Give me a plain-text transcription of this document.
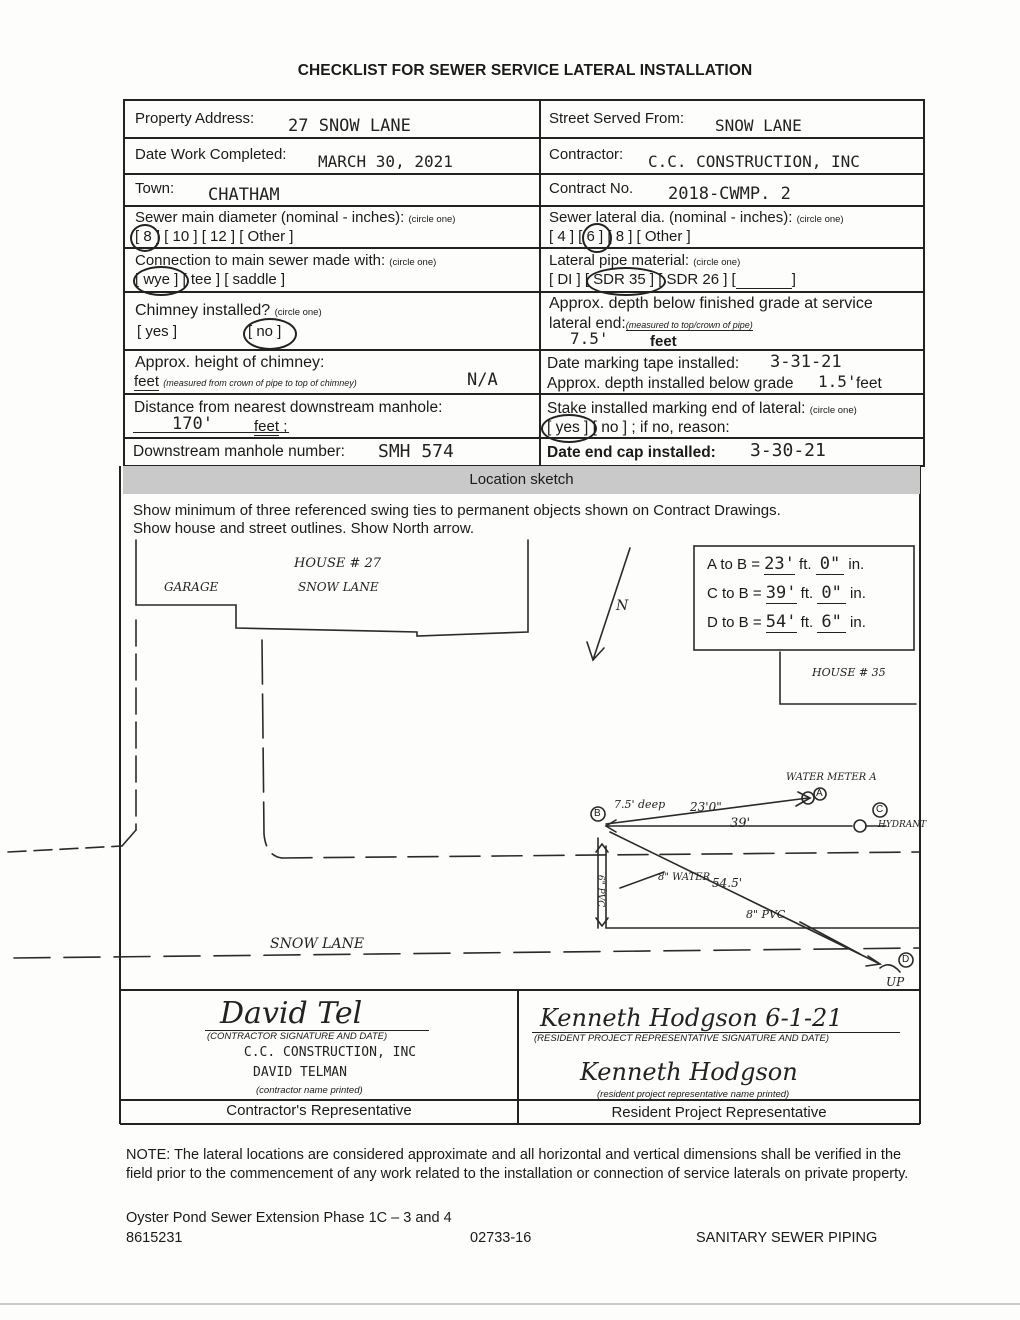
CHECKLIST FOR SEWER SERVICE LATERAL INSTALLATION
Property Address: 27 SNOW LANE	Street Served From: SNOW LANE
Date Work Completed: MARCH 30, 2021	Contractor: C.C. CONSTRUCTION, INC
Town: CHATHAM	Contract No. 2018-CWMP. 2
Sewer main diameter (nominal - inches): (circle one)
[ 8 ] [ 10 ] [ 12 ] [ Other ]
Sewer lateral dia. (nominal - inches): (circle one)
[ 4 ] [ 6 ] [ 8 ] [ Other ]
Connection to main sewer made with: (circle one)
[ wye ] [ tee ] [ saddle ]
Lateral pipe material: (circle one)
[ DI ] [ SDR 35 ] [ SDR 26 ] [	]
Chimney installed? (circle one)
[ yes ]	[ no ]
Approx. depth below finished grade at service
lateral end:(measured to top/crown of pipe)
7.5'	feet
Approx. height of chimney:
feet (measured from crown of pipe to top of chimney)	N/A
Date marking tape installed: 3-31-21
Approx. depth installed below grade 1.5' feet
Distance from nearest downstream manhole:
170'	feet ;
Stake installed marking end of lateral: (circle one)
[ yes ] [ no ] ; if no, reason:
Downstream manhole number: SMH 574	Date end cap installed: 3-30-21
Location sketch
Show minimum of three referenced swing ties to permanent objects shown on Contract Drawings.
Show house and street outlines. Show North arrow.
HOUSE # 27
SNOW LANE
GARAGE
N
A to B = 23' ft. 0" in.
C to B = 39' ft. 0" in.
D to B = 54' ft. 6" in.
HOUSE # 35
WATER METER A
HYDRANT
A
B	C
D
UP
7.5' deep 23'0"
39'
54.5'
8" WATER
8" PVC
6" PVC
SNOW LANE
David Tel
(CONTRACTOR SIGNATURE AND DATE)
C.C. CONSTRUCTION, INC
DAVID TELMAN
(contractor name printed)
Contractor's Representative
Kenneth Hodgson 6-1-21
(RESIDENT PROJECT REPRESENTATIVE SIGNATURE AND DATE)
Kenneth Hodgson
(resident project representative name printed)
Resident Project Representative
NOTE: The lateral locations are considered approximate and all horizontal and vertical dimensions shall be verified in the field prior to the commencement of any work related to the installation or connection of service laterals on private property.
Oyster Pond Sewer Extension Phase 1C – 3 and 4
8615231	02733-16	SANITARY SEWER PIPING
